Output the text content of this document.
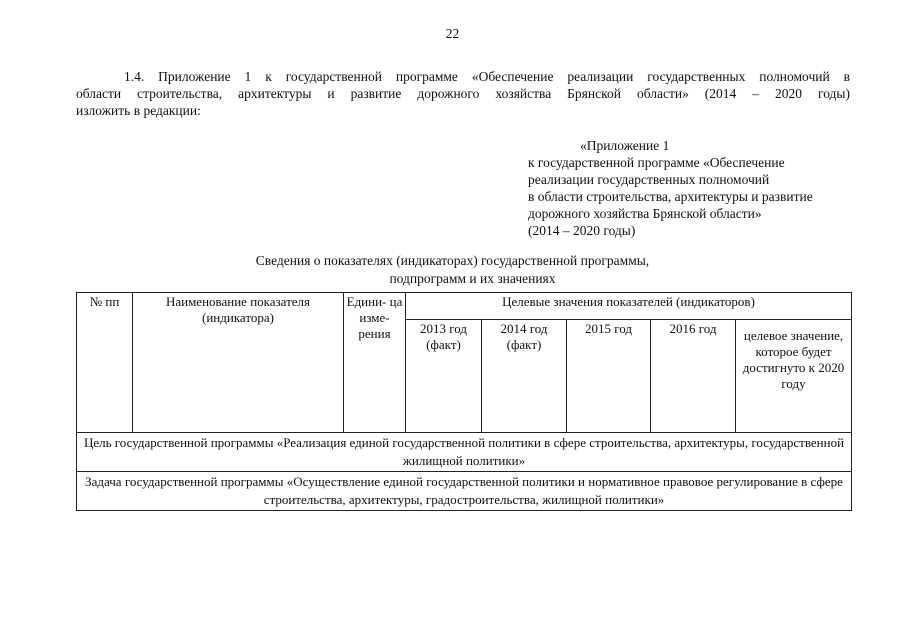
22
1.4. Приложение 1 к государственной программе «Обеспечение реализации государственных полномочий в
области строительства, архитектуры и развитие дорожного хозяйства Брянской области» (2014 – 2020 годы)
изложить в редакции:
«Приложение 1
к государственной программе «Обеспечение
реализации государственных полномочий
в области строительства, архитектуры и развитие
дорожного хозяйства Брянской области»
(2014 – 2020 годы)
Сведения о показателях (индикаторах) государственной программы,
подпрограмм и их значениях
№ пп	Наименование показателя (индикатора)	Едини- ца изме- рения	Целевые значения показателей (индикаторов)				
			2013 год (факт)	2014 год (факт)	2015 год	2016 год	целевое значение, которое будет достигнуто к 2020 году
Цель государственной программы «Реализация единой государственной политики в сфере строительства, архитектуры, государственной жилищной политики»							
Задача государственной программы «Осуществление единой государственной политики и нормативное правовое регулирование в сфере строительства, архитектуры, градостроительства, жилищной политики»							
